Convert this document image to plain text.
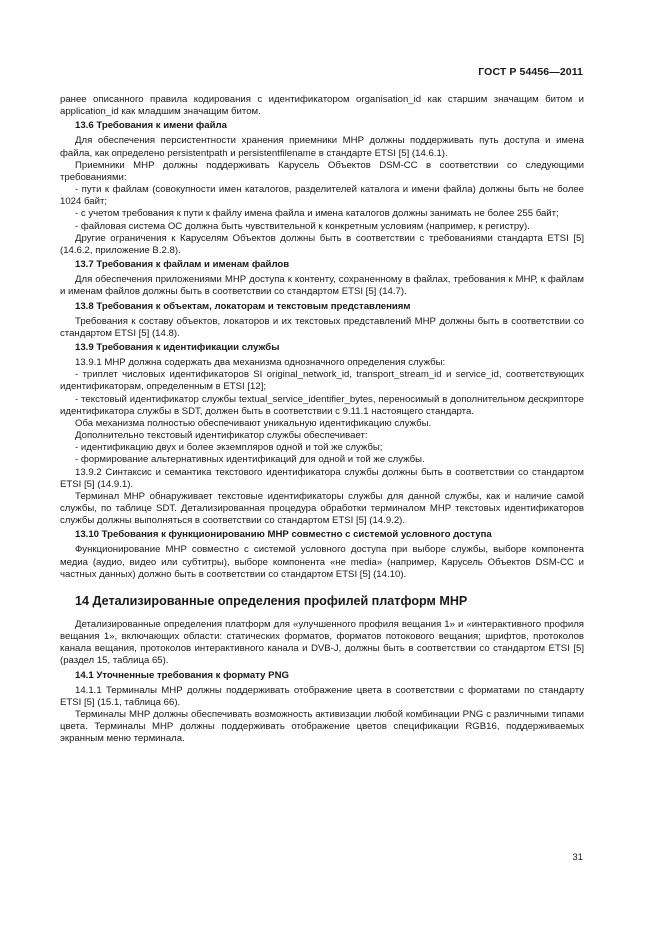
ГОСТ Р 54456—2011

ранее описанного правила кодирования с идентификатором organisation_id как старшим значащим битом и application_id как младшим значащим битом.

13.6 Требования к имени файла

Для обеспечения персистентности хранения приемники МНР должны поддерживать путь доступа и имена файла, как определено persistentpath и persistentfilename в стандарте ETSI [5] (14.6.1).

Приемники МНР должны поддерживать Карусель Объектов DSM-CC в соответствии со следующими требованиями:

- пути к файлам (совокупности имен каталогов, разделителей каталога и имени файла) должны быть не более 1024 байт;

- с учетом требования к пути к файлу имена файла и имена каталогов должны занимать не более 255 байт;

- файловая система ОС должна быть чувствительной к конкретным условиям (например, к регистру).

Другие ограничения к Каруселям Объектов должны быть в соответствии с требованиями стандарта ETSI [5] (14.6.2, приложение В.2.8).

13.7 Требования к файлам и именам файлов

Для обеспечения приложениями МНР доступа к контенту, сохраненному в файлах, требования к МНР, к файлам и именам файлов должны быть в соответствии со стандартом ETSI [5] (14.7).

13.8 Требования к объектам, локаторам и текстовым представлениям

Требования к составу объектов, локаторов и их текстовых представлений МНР должны быть в соответствии со стандартом ETSI [5] (14.8).

13.9 Требования к идентификации службы

13.9.1 МНР должна содержать два механизма однозначного определения службы:

- триплет числовых идентификаторов SI original_network_id, transport_stream_id и service_id, соответствующих идентификаторам, определенным в ETSI [12];

- текстовый идентификатор службы textual_service_identifier_bytes, переносимый в дополнительном дескрипторе идентификатора службы в SDT, должен быть в соответствии с 9.11.1 настоящего стандарта.

Оба механизма полностью обеспечивают уникальную идентификацию службы.

Дополнительно текстовый идентификатор службы обеспечивает:

- идентификацию двух и более экземпляров одной и той же службы;

- формирование альтернативных идентификаций для одной и той же службы.

13.9.2 Синтаксис и семантика текстового идентификатора службы должны быть в соответствии со стандартом ETSI [5] (14.9.1).

Терминал МНР обнаруживает текстовые идентификаторы службы для данной службы, как и наличие самой службы, по таблице SDT. Детализированная процедура обработки терминалом МНР текстовых идентификаторов службы должны выполняться в соответствии со стандартом ETSI [5] (14.9.2).

13.10 Требования к функционированию МНР совместно с системой условного доступа

Функционирование МНР совместно с системой условного доступа при выборе службы, выборе компонента медиа (аудио, видео или субтитры), выборе компонента «не media» (например, Карусель Объектов DSM-CC и частных данных) должно быть в соответствии со стандартом ETSI [5] (14.10).

14 Детализированные определения профилей платформ МНР

Детализированные определения платформ для «улучшенного профиля вещания 1» и «интерактивного профиля вещания 1», включающих области: статических форматов, форматов потокового вещания; шрифтов, протоколов канала вещания, протоколов интерактивного канала и DVB-J, должны быть в соответствии со стандартом ETSI [5] (раздел 15, таблица 65).

14.1 Уточненные требования к формату PNG

14.1.1 Терминалы МНР должны поддерживать отображение цвета в соответствии с форматами по стандарту ETSI [5] (15.1, таблица 66).

Терминалы МНР должны обеспечивать возможность активизации любой комбинации PNG с различными типами цвета. Терминалы МНР должны поддерживать отображение цветов спецификации RGB16, поддерживаемых экранным меню терминала.

31
